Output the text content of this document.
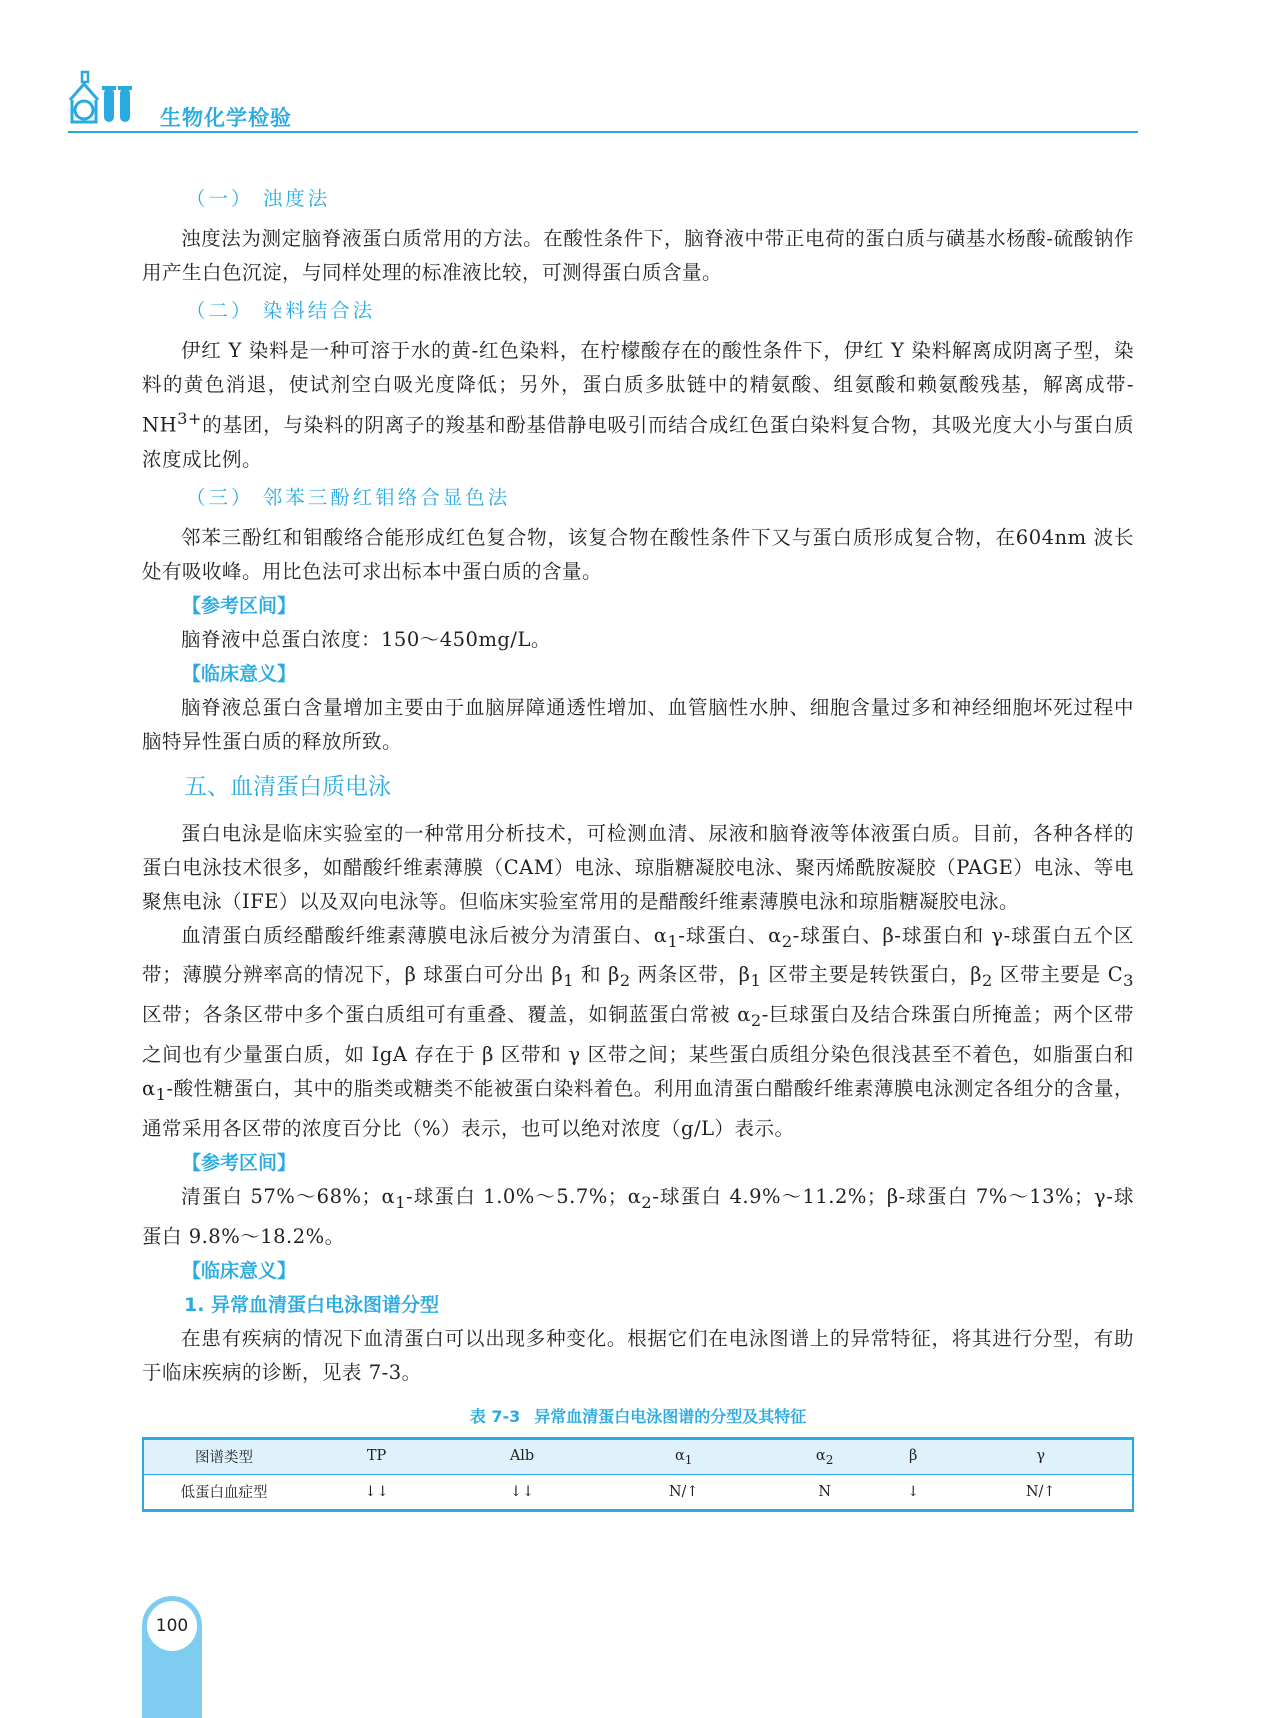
生物化学检验
（一） 浊度法

浊度法为测定脑脊液蛋白质常用的方法。在酸性条件下，脑脊液中带正电荷的蛋白质与磺基水杨酸-硫酸钠作用产生白色沉淀，与同样处理的标准液比较，可测得蛋白质含量。

（二） 染料结合法

伊红 Y 染料是一种可溶于水的黄-红色染料，在柠檬酸存在的酸性条件下，伊红 Y 染料解离成阴离子型，染料的黄色消退，使试剂空白吸光度降低；另外，蛋白质多肽链中的精氨酸、组氨酸和赖氨酸残基，解离成带$-NH^{3+}$的基团，与染料的阴离子的羧基和酚基借静电吸引而结合成红色蛋白染料复合物，其吸光度大小与蛋白质浓度成比例。

（三） 邻苯三酚红钼络合显色法

邻苯三酚红和钼酸络合能形成红色复合物，该复合物在酸性条件下又与蛋白质形成复合物，在604nm 波长处有吸收峰。用比色法可求出标本中蛋白质的含量。

【参考区间】

脑脊液中总蛋白浓度：150～450mg/L。

【临床意义】

脑脊液总蛋白含量增加主要由于血脑屏障通透性增加、血管脑性水肿、细胞含量过多和神经细胞坏死过程中脑特异性蛋白质的释放所致。

五、血清蛋白质电泳

蛋白电泳是临床实验室的一种常用分析技术，可检测血清、尿液和脑脊液等体液蛋白质。目前，各种各样的蛋白电泳技术很多，如醋酸纤维素薄膜（CAM）电泳、琼脂糖凝胶电泳、聚丙烯酰胺凝胶（PAGE）电泳、等电聚焦电泳（IFE）以及双向电泳等。但临床实验室常用的是醋酸纤维素薄膜电泳和琼脂糖凝胶电泳。

血清蛋白质经醋酸纤维素薄膜电泳后被分为清蛋白、$\alpha_1-$球蛋白、$\alpha_2-$球蛋白、β-球蛋白和 γ-球蛋白五个区带；薄膜分辨率高的情况下，β 球蛋白可分出 $\beta_1$ 和 $\beta_2$ 两条区带，$\beta_1$ 区带主要是转铁蛋白，$\beta_2$ 区带主要是 $C_3$ 区带；各条区带中多个蛋白质组可有重叠、覆盖，如铜蓝蛋白常被 $\alpha_2-$巨球蛋白及结合珠蛋白所掩盖；两个区带之间也有少量蛋白质，如 IgA 存在于 β 区带和 γ 区带之间；某些蛋白质组分染色很浅甚至不着色，如脂蛋白和 $\alpha_1-$酸性糖蛋白，其中的脂类或糖类不能被蛋白染料着色。利用血清蛋白醋酸纤维素薄膜电泳测定各组分的含量，通常采用各区带的浓度百分比（%）表示，也可以绝对浓度（g/L）表示。

【参考区间】

清蛋白 57%～68%；$\alpha_1-$球蛋白 1.0%～5.7%；$\alpha_2-$球蛋白 4.9%～11.2%；β-球蛋白 7%～13%；γ-球蛋白 9.8%～18.2%。

【临床意义】
1. 异常血清蛋白电泳图谱分型

在患有疾病的情况下血清蛋白可以出现多种变化。根据它们在电泳图谱上的异常特征，将其进行分型，有助于临床疾病的诊断，见表 7-3。

表 7-3 异常血清蛋白电泳图谱的分型及其特征
图谱类型	TP	Alb	$\alpha_1$	$\alpha_2$	β	γ
低蛋白血症型	↓↓	↓↓	N/↑	N	↓	N/↑
100
